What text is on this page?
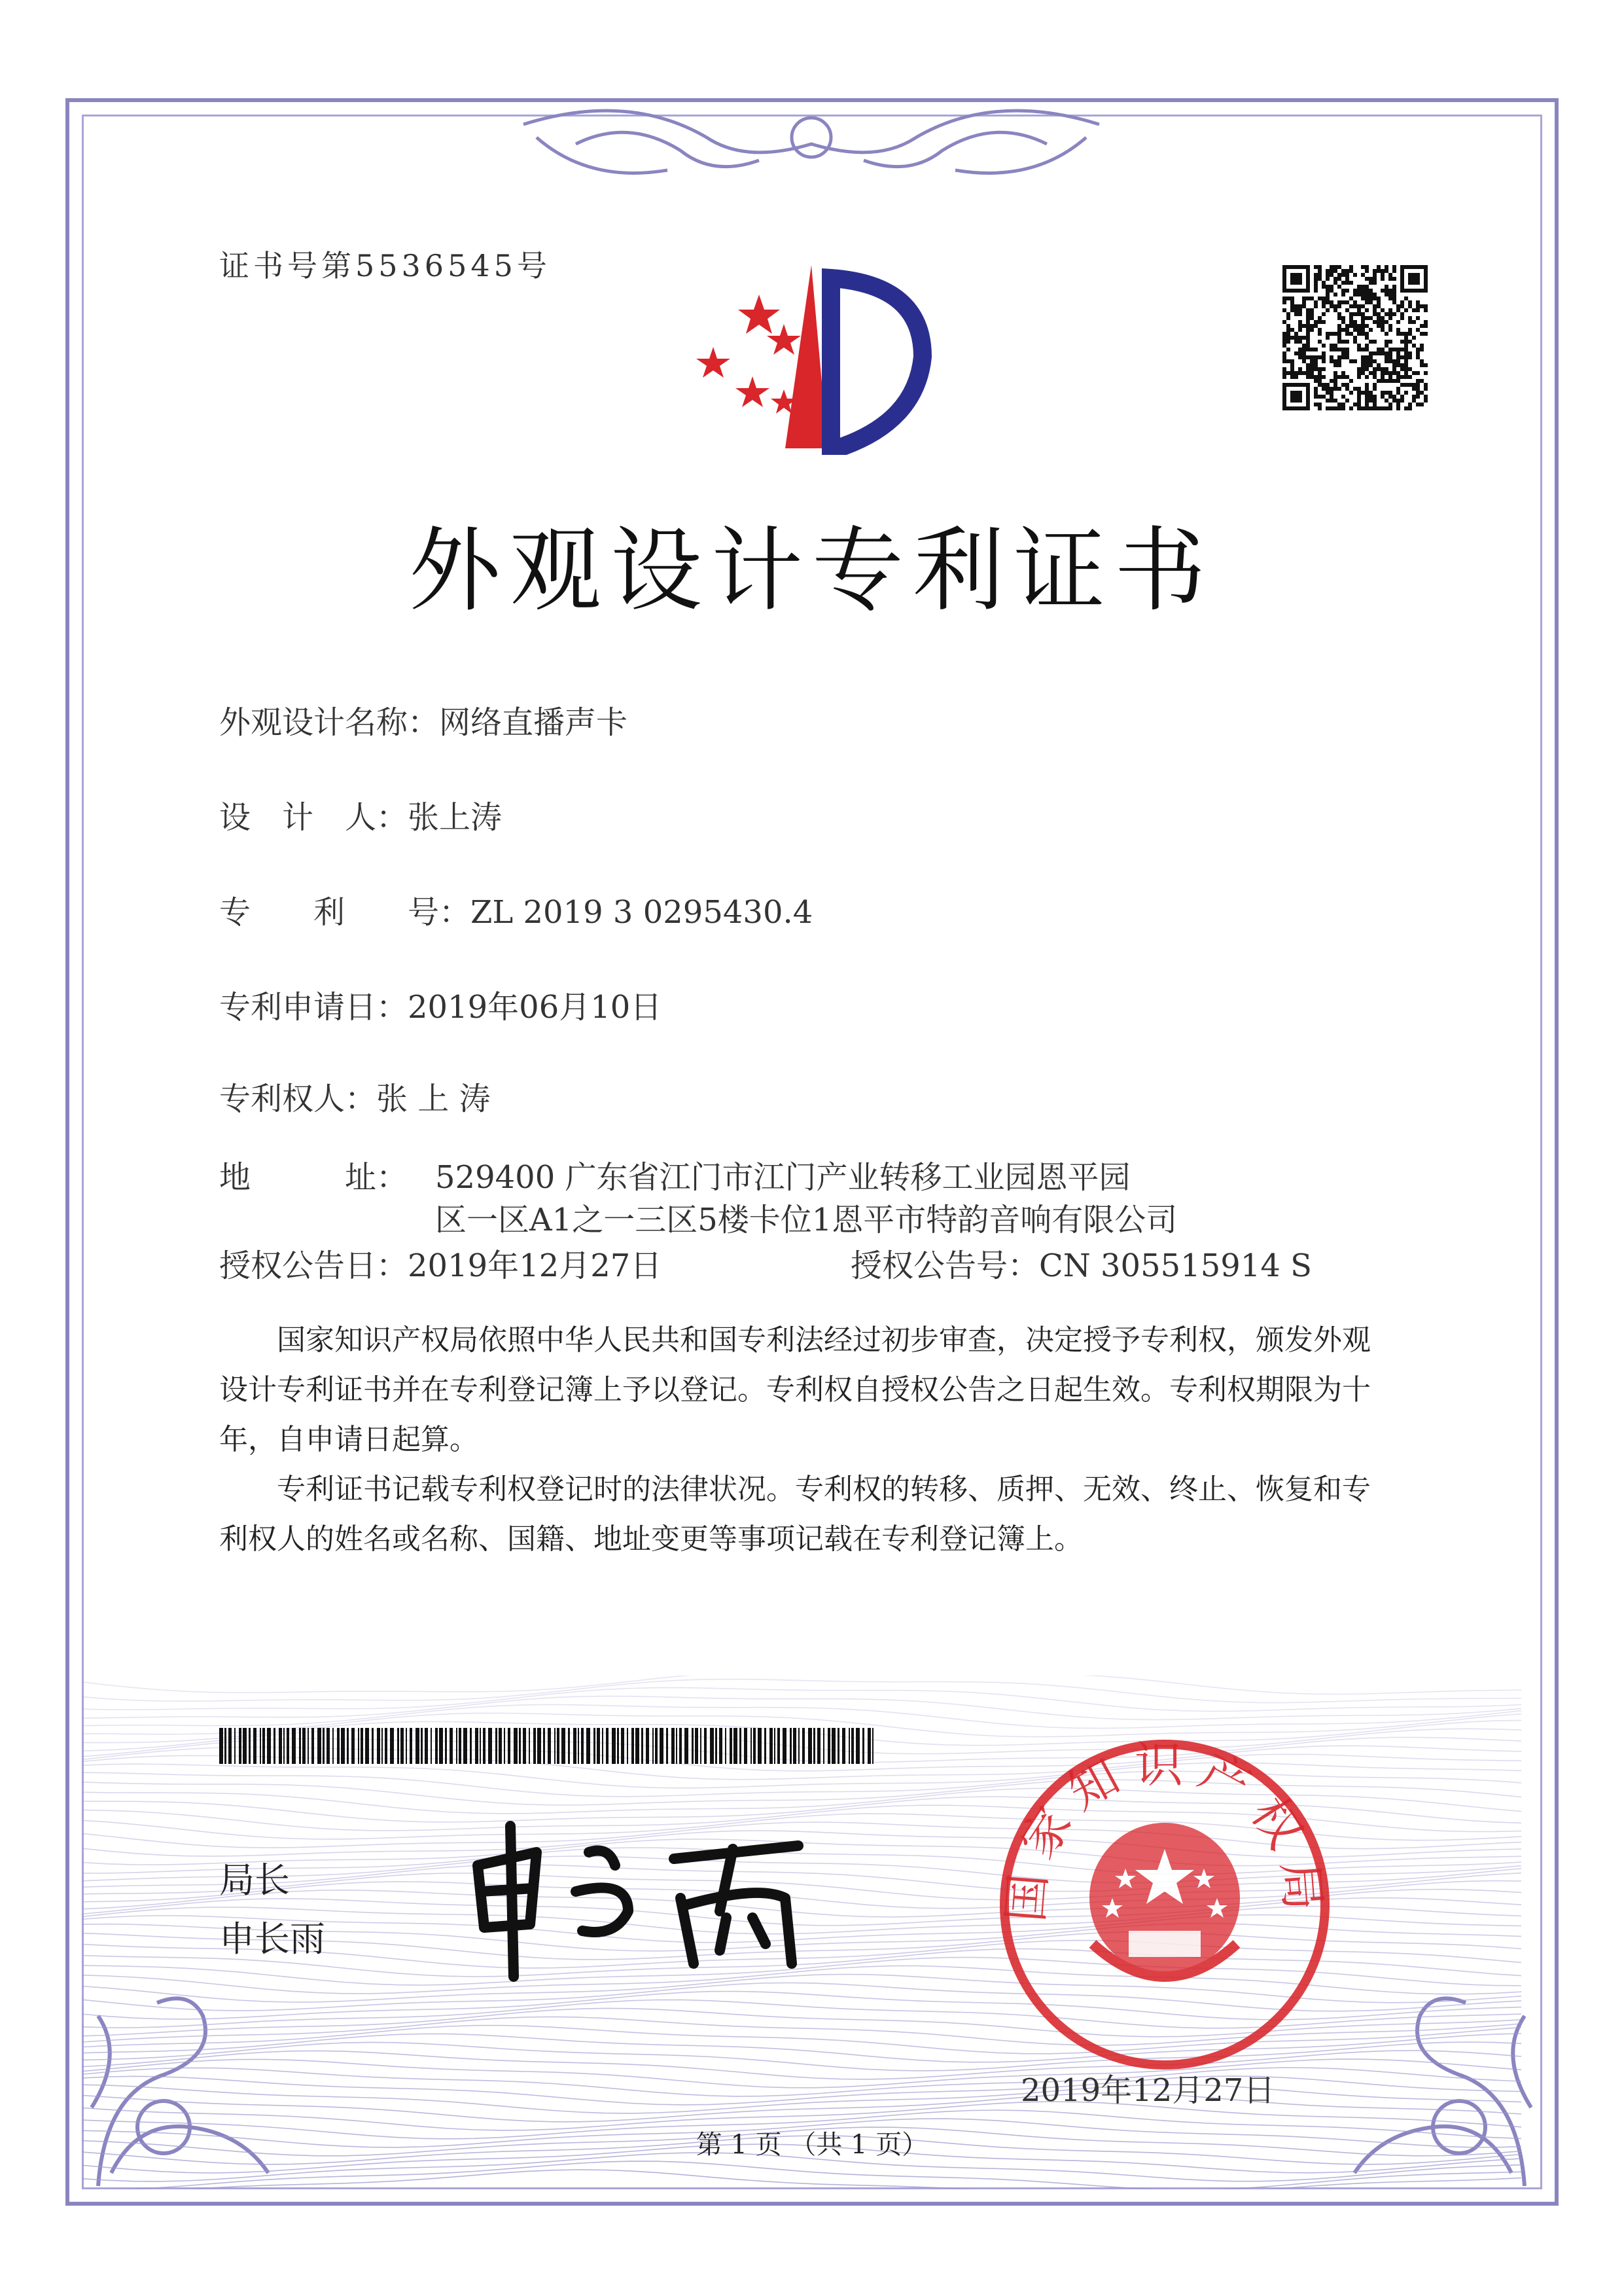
证书号第5536545号
外观设计专利证书
外观设计名称：网络直播声卡
设　计　人：张上涛
专　　利　　号：ZL 2019 3 0295430.4
专利申请日：2019年06月10日
专利权人：张 上 涛
地　　　址： 529400 广东省江门市江门产业转移工业园恩平园
区一区A1之一三区5楼卡位1恩平市特韵音响有限公司
授权公告日：2019年12月27日	授权公告号：CN 305515914 S

国家知识产权局依照中华人民共和国专利法经过初步审查，决定授予专利权，颁发外观设计专利证书并在专利登记簿上予以登记。专利权自授权公告之日起生效。专利权期限为十年，自申请日起算。

专利证书记载专利权登记时的法律状况。专利权的转移、质押、无效、终止、恢复和专利权人的姓名或名称、国籍、地址变更等事项记载在专利登记簿上。

局长
申长雨
国家知识产权局
2019年12月27日
第 1 页 （共 1 页）
